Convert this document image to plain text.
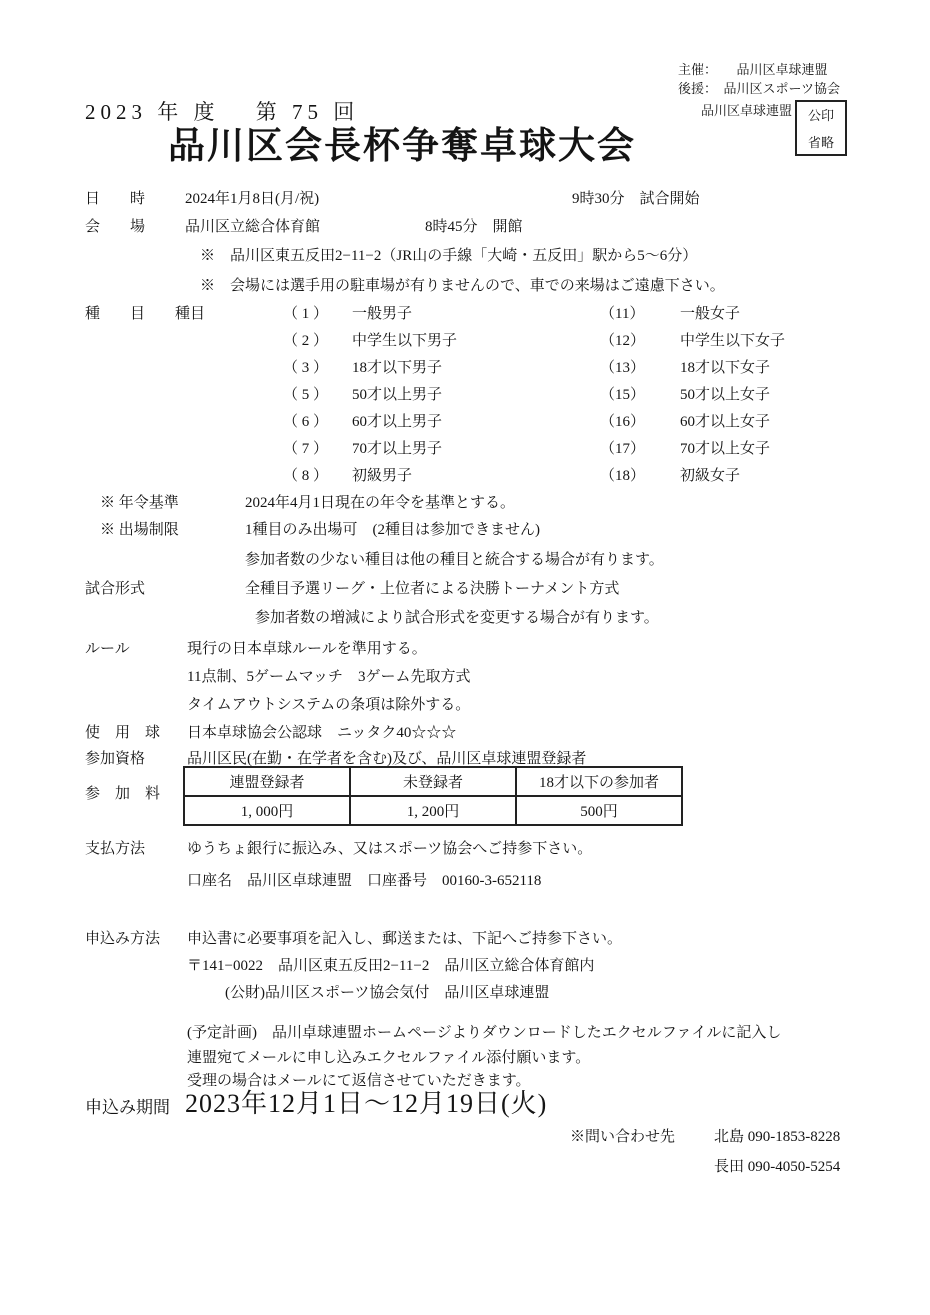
主催：　　品川区卓球連盟
後援：　品川区スポーツ協会
品川区卓球連盟	公印
省略
2023 年 度　 第 75 回
品川区会長杯争奪卓球大会
日　　時	2024年1月8日(月/祝)	9時30分　試合開始
会　　場	品川区立総合体育館	8時45分　開館
※　品川区東五反田2−11−2（JR山の手線「大崎・五反田」駅から5～6分）
※　会場には選手用の駐車場が有りませんので、車での来場はご遠慮下さい。
種　　目 種目	（ 1 ） 一般男子	（11） 一般女子
（ 2 ） 中学生以下男子	（12） 中学生以下女子
（ 3 ） 18才以下男子	（13） 18才以下女子
（ 5 ） 50才以上男子	（15） 50才以上女子
（ 6 ） 60才以上男子	（16） 60才以上女子
（ 7 ） 70才以上男子	（17） 70才以上女子
（ 8 ） 初級男子	（18） 初級女子
※ 年令基準	2024年4月1日現在の年令を基準とする。
※ 出場制限	1種目のみ出場可　(2種目は参加できません)
参加者数の少ない種目は他の種目と統合する場合が有ります。
試合形式	全種目予選リーグ・上位者による決勝トーナメント方式
参加者数の増減により試合形式を変更する場合が有ります。
ルール	現行の日本卓球ルールを準用する。
11点制、5ゲームマッチ　3ゲーム先取方式
タイムアウトシステムの条項は除外する。
使　用　球 日本卓球協会公認球　ニッタク40☆☆☆
参加資格	品川区民(在勤・在学者を含む)及び、品川区卓球連盟登録者
参　加　料
連盟登録者	未登録者	18才以下の参加者
1, 000円	1, 200円	500円
支払方法	ゆうちょ銀行に振込み、又はスポーツ協会へご持参下さい。
口座名　品川区卓球連盟　口座番号　00160-3-652118
申込み方法 申込書に必要事項を記入し、郵送または、下記へご持参下さい。
〒141−0022　品川区東五反田2−11−2　品川区立総合体育館内
(公財)品川区スポーツ協会気付　品川区卓球連盟
(予定計画)　品川卓球連盟ホームページよりダウンロードしたエクセルファイルに記入し
連盟宛てメールに申し込みエクセルファイル添付願います。
受理の場合はメールにて返信させていただきます。
申込み期間 2023年12月1日～12月19日(火)
※問い合わせ先	北島 090-1853-8228
長田 090-4050-5254
